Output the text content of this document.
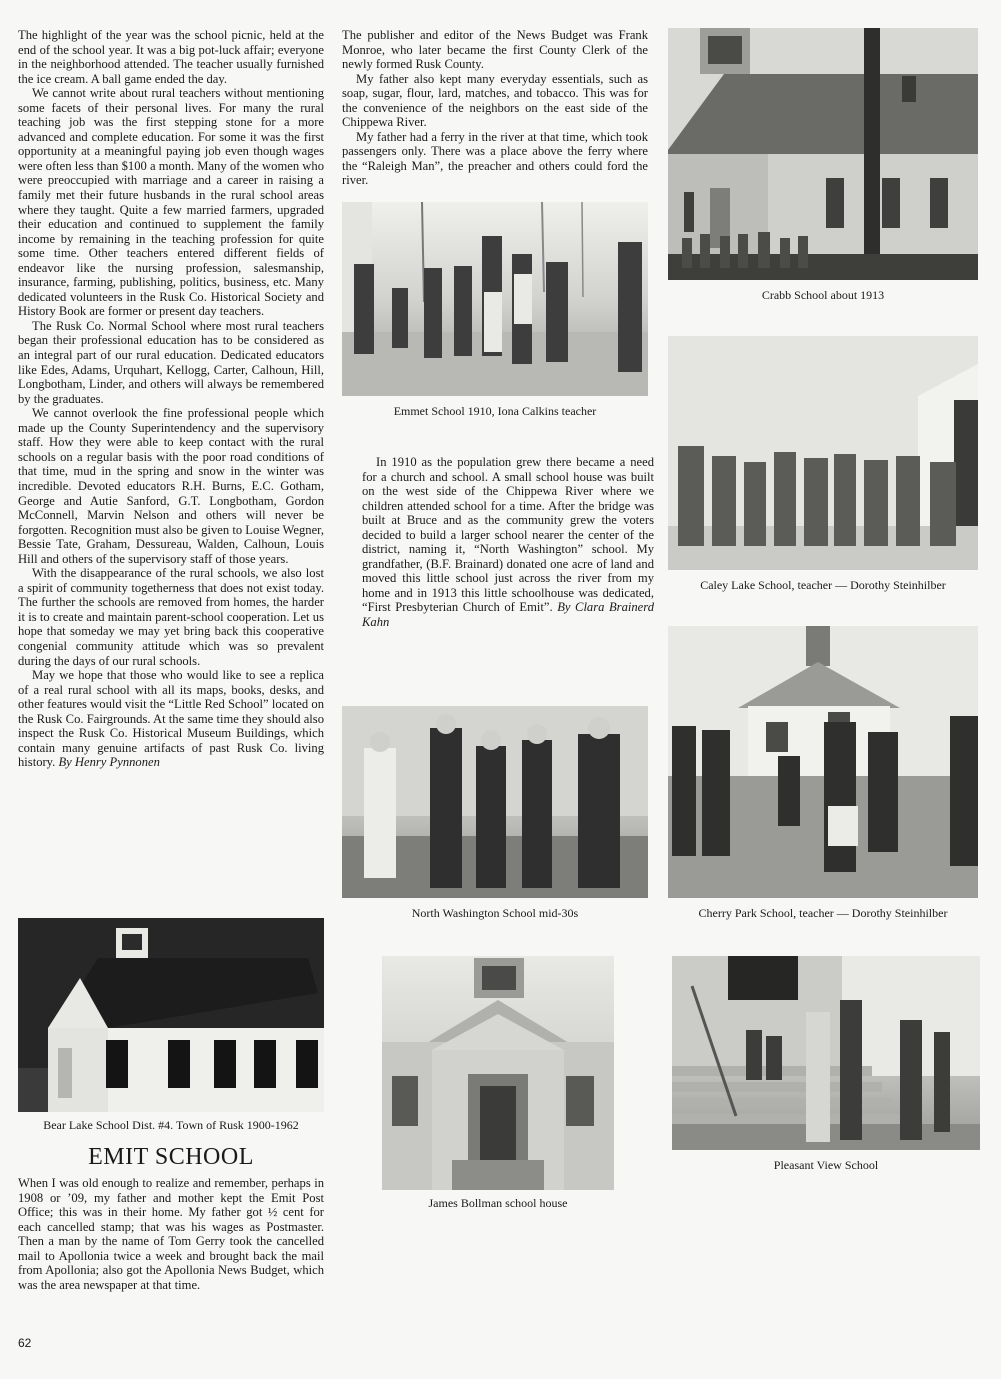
The highlight of the year was the school picnic, held at the end of the school year. It was a big pot-luck affair; everyone in the neighborhood attended. The teacher usually furnished the ice cream. A ball game ended the day.

We cannot write about rural teachers without mentioning some facets of their personal lives. For many the rural teaching job was the first stepping stone for a more advanced and complete education. For some it was the first opportunity at a meaningful paying job even though wages were often less than $100 a month. Many of the women who were preoccupied with marriage and a career in raising a family met their future husbands in the rural school areas where they taught. Quite a few married farmers, upgraded their education and continued to supplement the family income by remaining in the teaching profession for quite some time. Other teachers entered different fields of endeavor like the nursing profession, salesmanship, insurance, farming, publishing, politics, business, etc. Many dedicated volunteers in the Rusk Co. Historical Society and History Book are former or present day teachers.

The Rusk Co. Normal School where most rural teachers began their professional education has to be considered as an integral part of our rural education. Dedicated educators like Edes, Adams, Urquhart, Kellogg, Carter, Calhoun, Hill, Longbotham, Linder, and others will always be remembered by the graduates.

We cannot overlook the fine professional people which made up the County Superintendency and the supervisory staff. How they were able to keep contact with the rural schools on a regular basis with the poor road conditions of that time, mud in the spring and snow in the winter was incredible. Devoted educators R.H. Burns, E.C. Gotham, George and Autie Sanford, G.T. Longbotham, Gordon McConnell, Marvin Nelson and others will never be forgotten. Recognition must also be given to Louise Wegner, Bessie Tate, Graham, Dessureau, Walden, Calhoun, Louis Hill and others of the supervisory staff of those years.

With the disappearance of the rural schools, we also lost a spirit of community togetherness that does not exist today. The further the schools are removed from homes, the harder it is to create and maintain parent-school cooperation. Let us hope that someday we may yet bring back this cooperative congenial community attitude which was so prevalent during the days of our rural schools.

May we hope that those who would like to see a replica of a real rural school with all its maps, books, desks, and other features would visit the “Little Red School” located on the Rusk Co. Fairgrounds. At the same time they should also inspect the Rusk Co. Historical Museum Buildings, which contain many genuine artifacts of past Rusk Co. living history. By Henry Pynnonen

Bear Lake School Dist. #4. Town of Rusk 1900-1962
EMIT SCHOOL

When I was old enough to realize and remember, perhaps in 1908 or ’09, my father and mother kept the Emit Post Office; this was in their home. My father got ½ cent for each cancelled stamp; that was his wages as Postmaster. Then a man by the name of Tom Gerry took the cancelled mail to Apollonia twice a week and brought back the mail from Apollonia; also got the Apollonia News Budget, which was the area newspaper at that time.

62

The publisher and editor of the News Budget was Frank Monroe, who later became the first County Clerk of the newly formed Rusk County.

My father also kept many everyday essentials, such as soap, sugar, flour, lard, matches, and tobacco. This was for the convenience of the neighbors on the east side of the Chippewa River.

My father had a ferry in the river at that time, which took passengers only. There was a place above the ferry where the “Raleigh Man”, the preacher and others could ford the river.

Emmet School 1910, Iona Calkins teacher

In 1910 as the population grew there became a need for a church and school. A small school house was built on the west side of the Chippewa River where we children attended school for a time. After the bridge was built at Bruce and as the community grew the voters decided to build a larger school nearer the center of the district, naming it, “North Washington” school. My grandfather, (B.F. Brainard) donated one acre of land and moved this little school just across the river from my home and in 1913 this little schoolhouse was dedicated, “First Presbyterian Church of Emit”. By Clara Brainerd Kahn

North Washington School mid-30s
James Bollman school house
Crabb School about 1913
Caley Lake School, teacher — Dorothy Steinhilber
Cherry Park School, teacher — Dorothy Steinhilber
Pleasant View School
